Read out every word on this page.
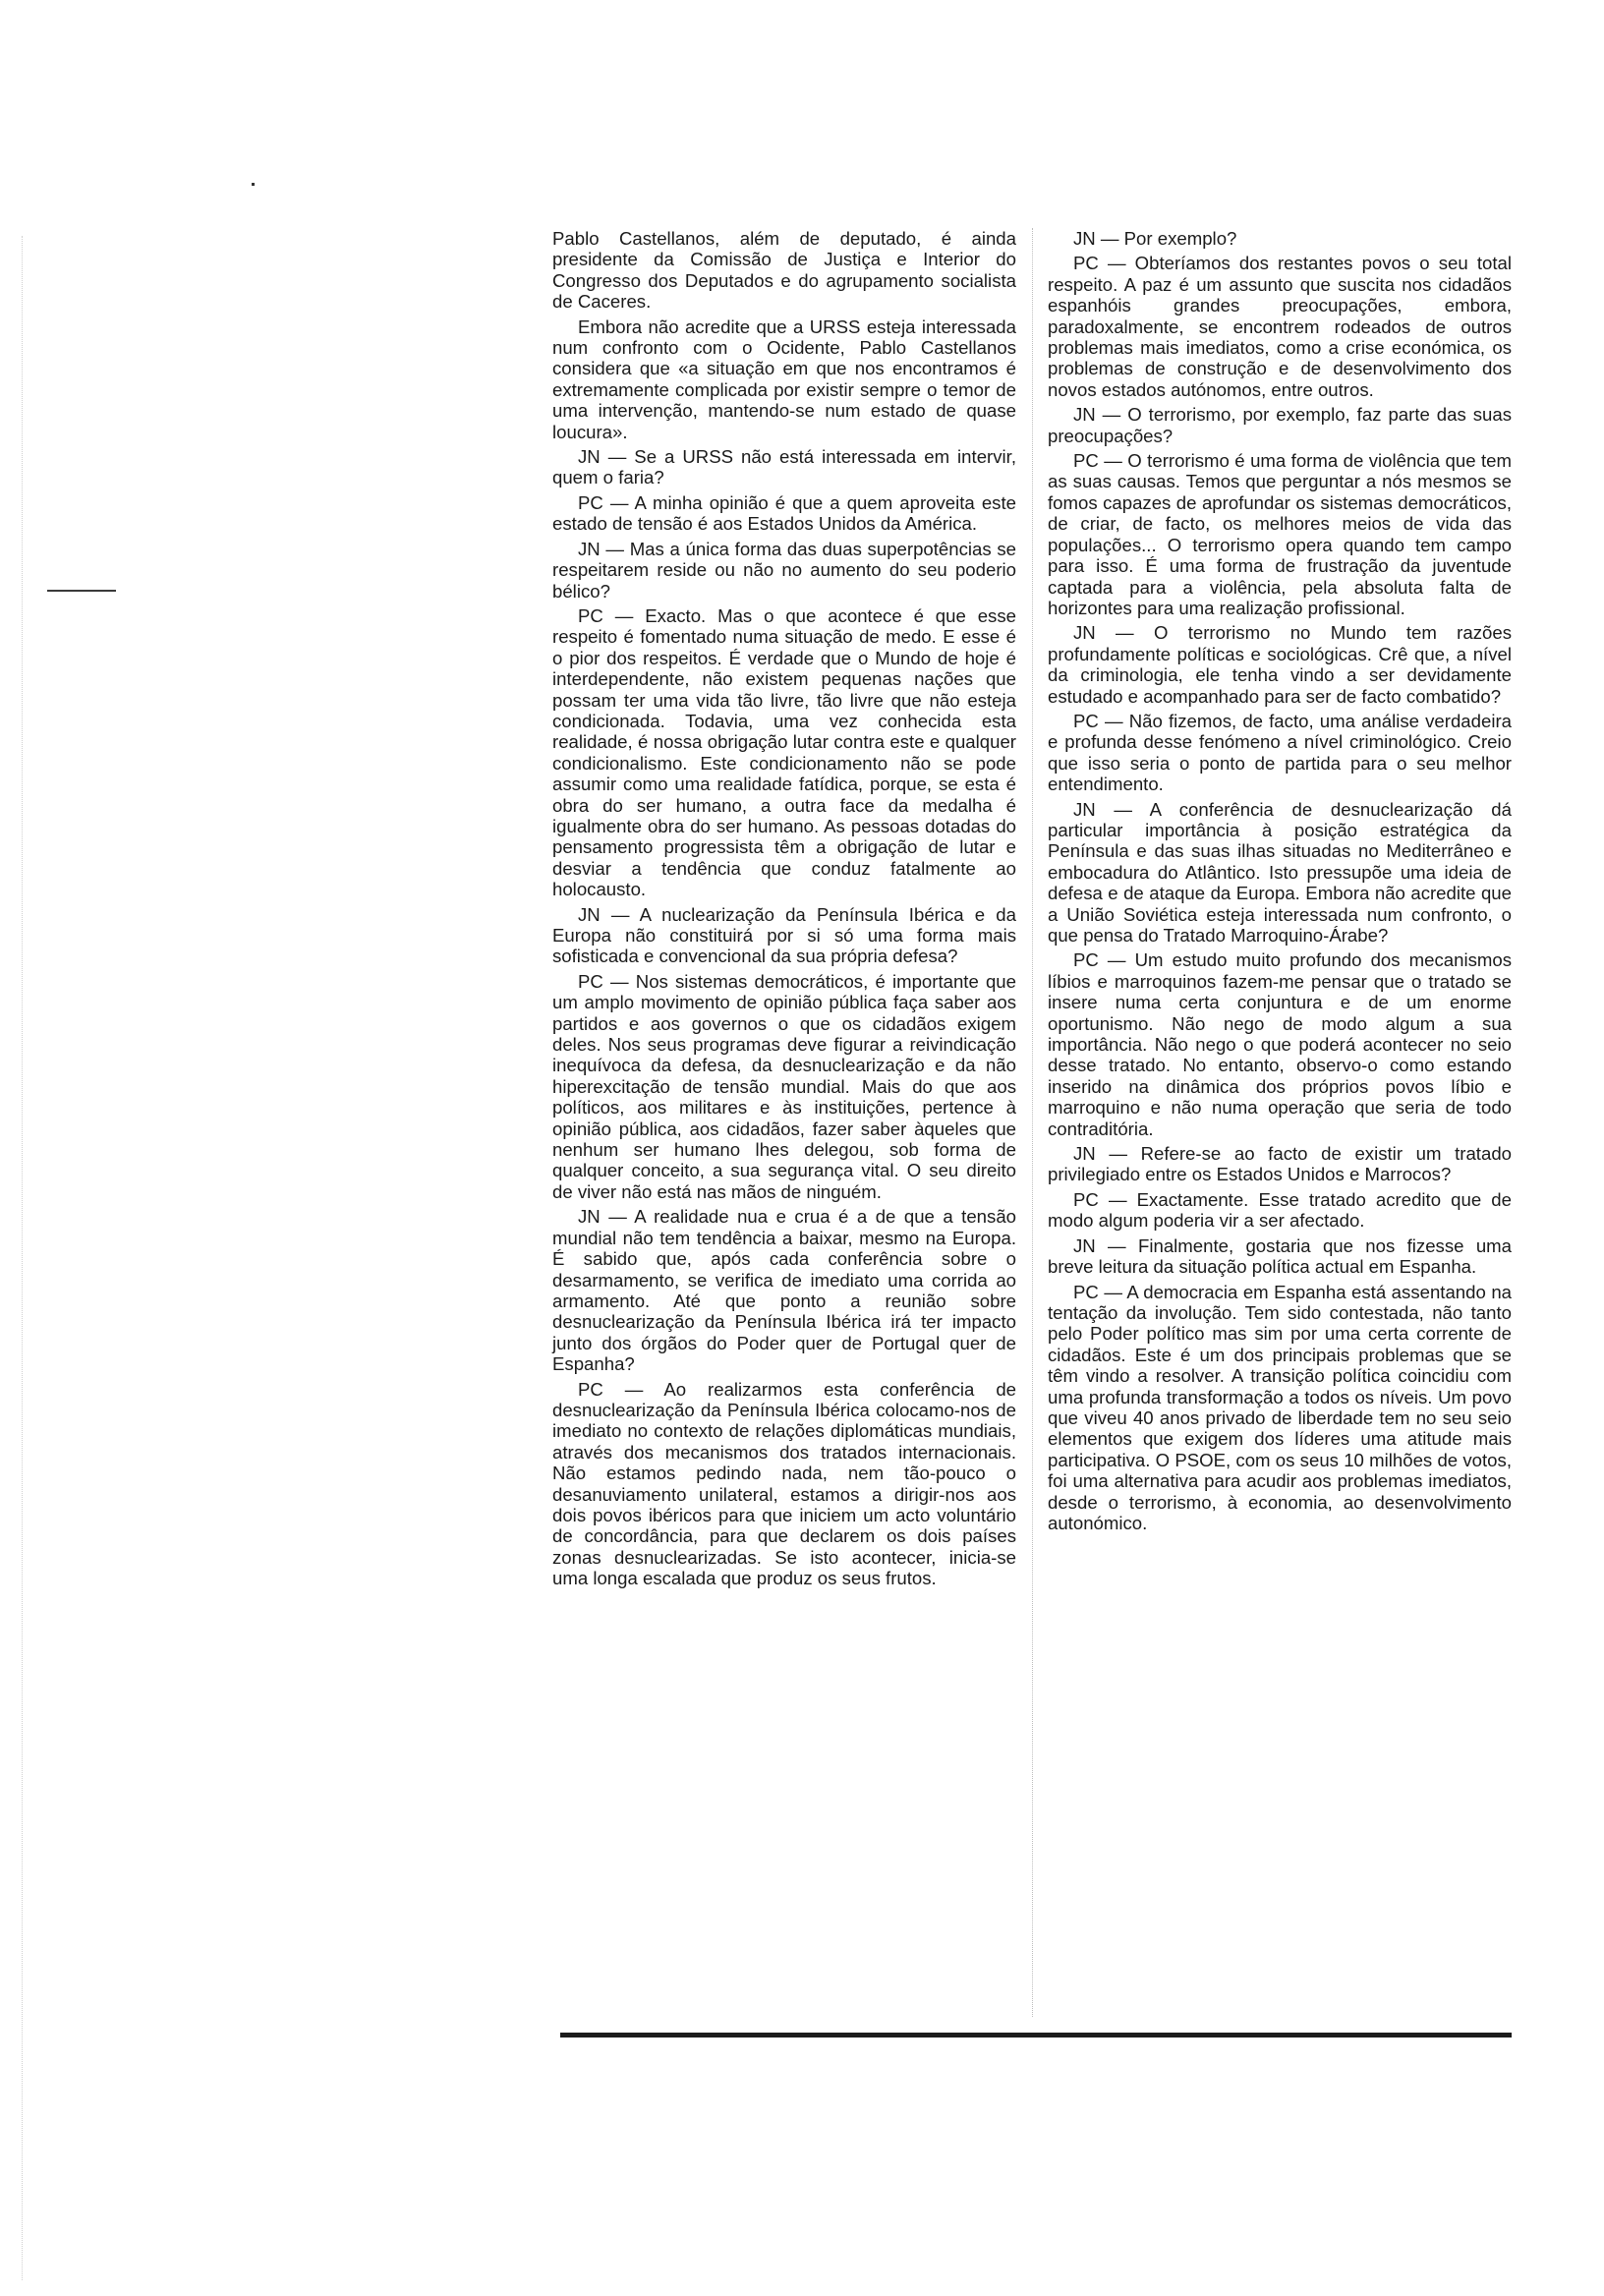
Pablo Castellanos, além de deputado, é ainda presidente da Comissão de Justiça e Interior do Congresso dos Deputados e do agrupamento socialista de Caceres.

Embora não acredite que a URSS esteja interessada num confronto com o Ocidente, Pablo Castellanos considera que «a situação em que nos encontramos é extremamente complicada por existir sempre o temor de uma intervenção, mantendo-se num estado de quase loucura».

JN — Se a URSS não está interessada em intervir, quem o faria?

PC — A minha opinião é que a quem aproveita este estado de tensão é aos Estados Unidos da América.

JN — Mas a única forma das duas superpotências se respeitarem reside ou não no aumento do seu poderio bélico?

PC — Exacto. Mas o que acontece é que esse respeito é fomentado numa situação de medo. E esse é o pior dos respeitos. É verdade que o Mundo de hoje é interdependente, não existem pequenas nações que possam ter uma vida tão livre, tão livre que não esteja condicionada. Todavia, uma vez conhecida esta realidade, é nossa obrigação lutar contra este e qualquer condicionalismo. Este condicionamento não se pode assumir como uma realidade fatídica, porque, se esta é obra do ser humano, a outra face da medalha é igualmente obra do ser humano. As pessoas dotadas do pensamento progressista têm a obrigação de lutar e desviar a tendência que conduz fatalmente ao holocausto.

JN — A nuclearização da Península Ibérica e da Europa não constituirá por si só uma forma mais sofisticada e convencional da sua própria defesa?

PC — Nos sistemas democráticos, é importante que um amplo movimento de opinião pública faça saber aos partidos e aos governos o que os cidadãos exigem deles. Nos seus programas deve figurar a reivindicação inequívoca da defesa, da desnuclearização e da não hiperexcitação de tensão mundial. Mais do que aos políticos, aos militares e às instituições, pertence à opinião pública, aos cidadãos, fazer saber àqueles que nenhum ser humano lhes delegou, sob forma de qualquer conceito, a sua segurança vital. O seu direito de viver não está nas mãos de ninguém.

JN — A realidade nua e crua é a de que a tensão mundial não tem tendência a baixar, mesmo na Europa. É sabido que, após cada conferência sobre o desarmamento, se verifica de imediato uma corrida ao armamento. Até que ponto a reunião sobre desnuclearização da Península Ibérica irá ter impacto junto dos órgãos do Poder quer de Portugal quer de Espanha?

PC — Ao realizarmos esta conferência de desnuclearização da Península Ibérica colocamo-nos de imediato no contexto de relações diplomáticas mundiais, através dos mecanismos dos tratados internacionais. Não estamos pedindo nada, nem tão-pouco o desanuviamento unilateral, estamos a dirigir-nos aos dois povos ibéricos para que iniciem um acto voluntário de concordância, para que declarem os dois países zonas desnuclearizadas. Se isto acontecer, inicia-se uma longa escalada que produz os seus frutos.

JN — Por exemplo?

PC — Obteríamos dos restantes povos o seu total respeito. A paz é um assunto que suscita nos cidadãos espanhóis grandes preocupações, embora, paradoxalmente, se encontrem rodeados de outros problemas mais imediatos, como a crise económica, os problemas de construção e de desenvolvimento dos novos estados autónomos, entre outros.

JN — O terrorismo, por exemplo, faz parte das suas preocupações?

PC — O terrorismo é uma forma de violência que tem as suas causas. Temos que perguntar a nós mesmos se fomos capazes de aprofundar os sistemas democráticos, de criar, de facto, os melhores meios de vida das populações... O terrorismo opera quando tem campo para isso. É uma forma de frustração da juventude captada para a violência, pela absoluta falta de horizontes para uma realização profissional.

JN — O terrorismo no Mundo tem razões profundamente políticas e sociológicas. Crê que, a nível da criminologia, ele tenha vindo a ser devidamente estudado e acompanhado para ser de facto combatido?

PC — Não fizemos, de facto, uma análise verdadeira e profunda desse fenómeno a nível criminológico. Creio que isso seria o ponto de partida para o seu melhor entendimento.

JN — A conferência de desnuclearização dá particular importância à posição estratégica da Península e das suas ilhas situadas no Mediterrâneo e embocadura do Atlântico. Isto pressupõe uma ideia de defesa e de ataque da Europa. Embora não acredite que a União Soviética esteja interessada num confronto, o que pensa do Tratado Marroquino-Árabe?

PC — Um estudo muito profundo dos mecanismos líbios e marroquinos fazem-me pensar que o tratado se insere numa certa conjuntura e de um enorme oportunismo. Não nego de modo algum a sua importância. Não nego o que poderá acontecer no seio desse tratado. No entanto, observo-o como estando inserido na dinâmica dos próprios povos líbio e marroquino e não numa operação que seria de todo contraditória.

JN — Refere-se ao facto de existir um tratado privilegiado entre os Estados Unidos e Marrocos?

PC — Exactamente. Esse tratado acredito que de modo algum poderia vir a ser afectado.

JN — Finalmente, gostaria que nos fizesse uma breve leitura da situação política actual em Espanha.

PC — A democracia em Espanha está assentando na tentação da involução. Tem sido contestada, não tanto pelo Poder político mas sim por uma certa corrente de cidadãos. Este é um dos principais problemas que se têm vindo a resolver. A transição política coincidiu com uma profunda transformação a todos os níveis. Um povo que viveu 40 anos privado de liberdade tem no seu seio elementos que exigem dos líderes uma atitude mais participativa. O PSOE, com os seus 10 milhões de votos, foi uma alternativa para acudir aos problemas imediatos, desde o terrorismo, à economia, ao desenvolvimento autonómico.
